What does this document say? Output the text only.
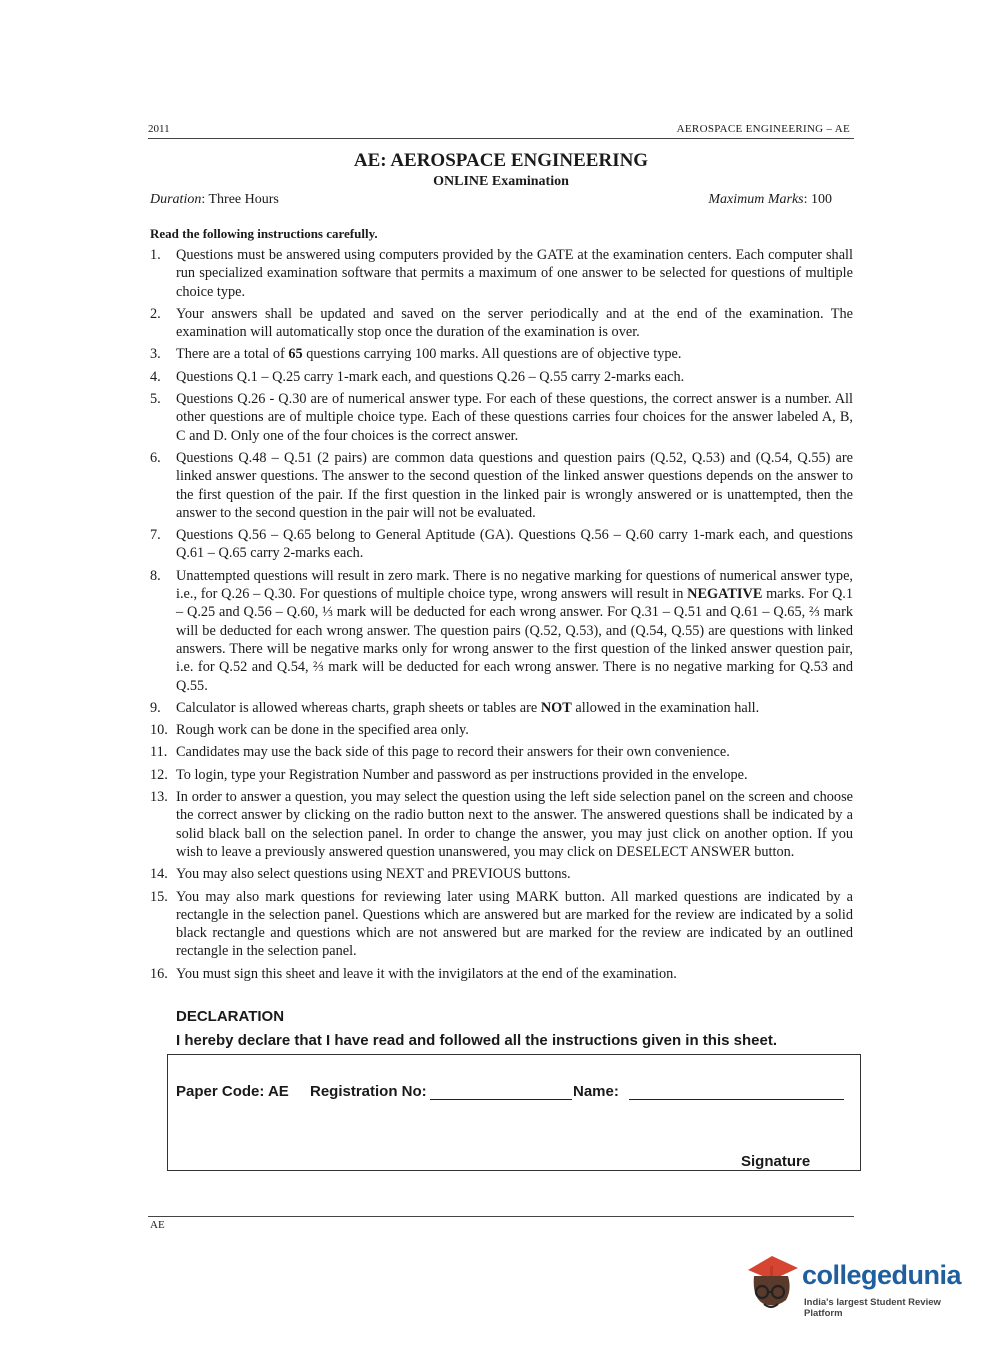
2011	AEROSPACE ENGINEERING – AE
AE: AEROSPACE ENGINEERING
ONLINE Examination
Duration: Three Hours	Maximum Marks: 100
Read the following instructions carefully.
1.	Questions must be answered using computers provided by the GATE at the examination centers. Each computer shall run specialized examination software that permits a maximum of one answer to be selected for questions of multiple choice type.
2.	Your answers shall be updated and saved on the server periodically and at the end of the examination. The examination will automatically stop once the duration of the examination is over.
3.	There are a total of 65 questions carrying 100 marks. All questions are of objective type.
4.	Questions Q.1 – Q.25 carry 1-mark each, and questions Q.26 – Q.55 carry 2-marks each.
5.	Questions Q.26 - Q.30 are of numerical answer type. For each of these questions, the correct answer is a number. All other questions are of multiple choice type. Each of these questions carries four choices for the answer labeled A, B, C and D. Only one of the four choices is the correct answer.
6.	Questions Q.48 – Q.51 (2 pairs) are common data questions and question pairs (Q.52, Q.53) and (Q.54, Q.55) are linked answer questions. The answer to the second question of the linked answer questions depends on the answer to the first question of the pair. If the first question in the linked pair is wrongly answered or is unattempted, then the answer to the second question in the pair will not be evaluated.
7.	Questions Q.56 – Q.65 belong to General Aptitude (GA). Questions Q.56 – Q.60 carry 1-mark each, and questions Q.61 – Q.65 carry 2-marks each.
8.	Unattempted questions will result in zero mark. There is no negative marking for questions of numerical answer type, i.e., for Q.26 – Q.30. For questions of multiple choice type, wrong answers will result in NEGATIVE marks. For Q.1 – Q.25 and Q.56 – Q.60, ⅓ mark will be deducted for each wrong answer. For Q.31 – Q.51 and Q.61 – Q.65, ⅔ mark will be deducted for each wrong answer. The question pairs (Q.52, Q.53), and (Q.54, Q.55) are questions with linked answers. There will be negative marks only for wrong answer to the first question of the linked answer question pair, i.e. for Q.52 and Q.54, ⅔ mark will be deducted for each wrong answer. There is no negative marking for Q.53 and Q.55.
9.	Calculator is allowed whereas charts, graph sheets or tables are NOT allowed in the examination hall.
10. Rough work can be done in the specified area only.
11. Candidates may use the back side of this page to record their answers for their own convenience.
12. To login, type your Registration Number and password as per instructions provided in the envelope.
13. In order to answer a question, you may select the question using the left side selection panel on the screen and choose the correct answer by clicking on the radio button next to the answer. The answered questions shall be indicated by a solid black ball on the selection panel. In order to change the answer, you may just click on another option. If you wish to leave a previously answered question unanswered, you may click on DESELECT ANSWER button.
14. You may also select questions using NEXT and PREVIOUS buttons.
15. You may also mark questions for reviewing later using MARK button. All marked questions are indicated by a rectangle in the selection panel. Questions which are answered but are marked for the review are indicated by a solid black rectangle and questions which are not answered but are marked for the review are indicated by an outlined rectangle in the selection panel.
16. You must sign this sheet and leave it with the invigilators at the end of the examination.
DECLARATION
I hereby declare that I have read and followed all the instructions given in this sheet.
Paper Code: AE Registration No:	Name:
Signature
AE
collegedunia
India's largest Student Review Platform
